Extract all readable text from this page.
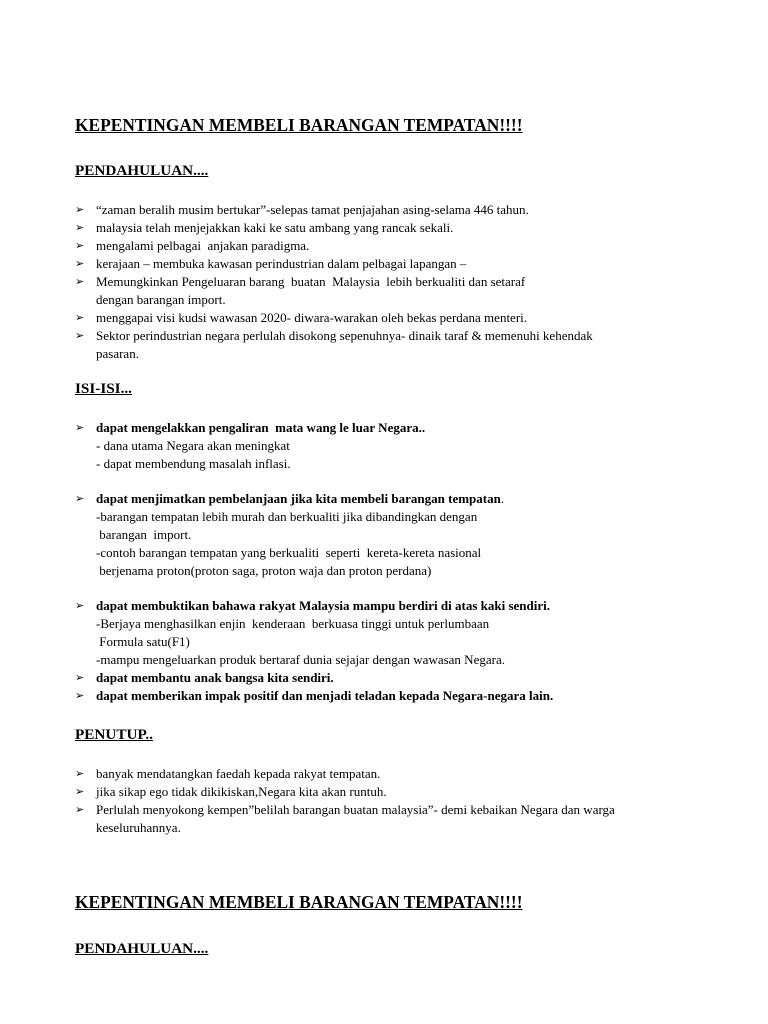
KEPENTINGAN MEMBELI BARANGAN TEMPATAN!!!!
PENDAHULUAN....
➢ “zaman beralih musim bertukar”-selepas tamat penjajahan asing-selama 446 tahun.
➢ malaysia telah menjejakkan kaki ke satu ambang yang rancak sekali.
➢ mengalami pelbagai  anjakan paradigma.
➢ kerajaan – membuka kawasan perindustrian dalam pelbagai lapangan –
➢ Memungkinkan Pengeluaran barang  buatan  Malaysia  lebih berkualiti dan setaraf
dengan barangan import.
➢ menggapai visi kudsi wawasan 2020- diwara-warakan oleh bekas perdana menteri.
➢ Sektor perindustrian negara perlulah disokong sepenuhnya- dinaik taraf & memenuhi kehendak
pasaran.
ISI-ISI...
➢ dapat mengelakkan pengaliran  mata wang le luar Negara..
- dana utama Negara akan meningkat
- dapat membendung masalah inflasi.
➢ dapat menjimatkan pembelanjaan jika kita membeli barangan tempatan.
-barangan tempatan lebih murah dan berkualiti jika dibandingkan dengan
barangan  import.
-contoh barangan tempatan yang berkualiti  seperti  kereta-kereta nasional
berjenama proton(proton saga, proton waja dan proton perdana)
➢ dapat membuktikan bahawa rakyat Malaysia mampu berdiri di atas kaki sendiri.
-Berjaya menghasilkan enjin  kenderaan  berkuasa tinggi untuk perlumbaan
Formula satu(F1)
-mampu mengeluarkan produk bertaraf dunia sejajar dengan wawasan Negara.
➢ dapat membantu anak bangsa kita sendiri.
➢ dapat memberikan impak positif dan menjadi teladan kepada Negara-negara lain.
PENUTUP..
➢ banyak mendatangkan faedah kepada rakyat tempatan.
➢ jika sikap ego tidak dikikiskan,Negara kita akan runtuh.
➢ Perlulah menyokong kempen”belilah barangan buatan malaysia”- demi kebaikan Negara dan warga
keseluruhannya.
KEPENTINGAN MEMBELI BARANGAN TEMPATAN!!!!
PENDAHULUAN....
